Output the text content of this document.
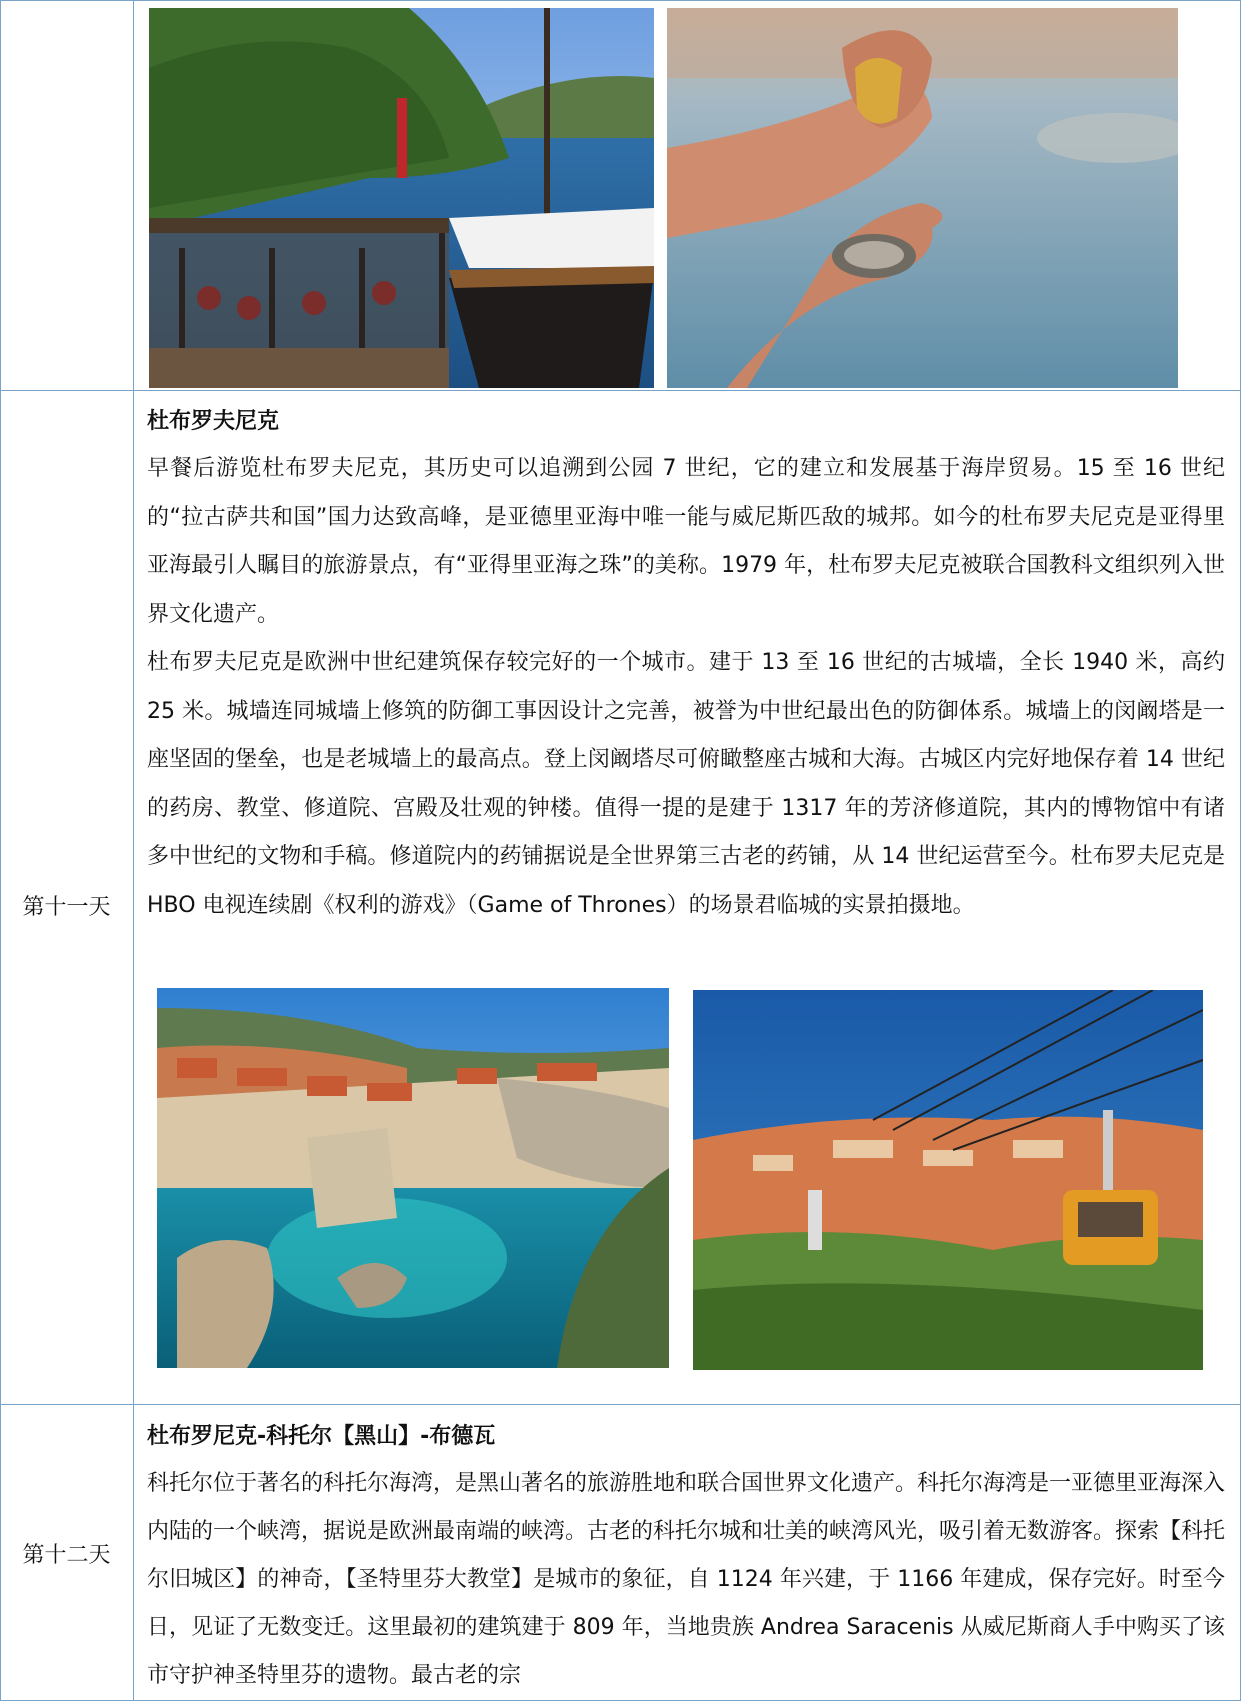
第十一天
杜布罗夫尼克

早餐后游览杜布罗夫尼克，其历史可以追溯到公园 7 世纪，它的建立和发展基于海岸贸易。15 至 16 世纪的“拉古萨共和国”国力达致高峰，是亚德里亚海中唯一能与威尼斯匹敌的城邦。如今的杜布罗夫尼克是亚得里亚海最引人瞩目的旅游景点，有“亚得里亚海之珠”的美称。1979 年，杜布罗夫尼克被联合国教科文组织列入世界文化遗产。

杜布罗夫尼克是欧洲中世纪建筑保存较完好的一个城市。建于 13 至 16 世纪的古城墙，全长 1940 米，高约 25 米。城墙连同城墙上修筑的防御工事因设计之完善，被誉为中世纪最出色的防御体系。城墙上的闵阚塔是一座坚固的堡垒，也是老城墙上的最高点。登上闵阚塔尽可俯瞰整座古城和大海。古城区内完好地保存着 14 世纪的药房、教堂、修道院、宫殿及壮观的钟楼。值得一提的是建于 1317 年的芳济修道院，其内的博物馆中有诸多中世纪的文物和手稿。修道院内的药铺据说是全世界第三古老的药铺，从 14 世纪运营至今。杜布罗夫尼克是 HBO 电视连续剧《权利的游戏》（Game of Thrones）的场景君临城的实景拍摄地。

第十二天
杜布罗尼克-科托尔【黑山】-布德瓦

科托尔位于著名的科托尔海湾，是黑山著名的旅游胜地和联合国世界文化遗产。科托尔海湾是一亚德里亚海深入内陆的一个峡湾，据说是欧洲最南端的峡湾。古老的科托尔城和壮美的峡湾风光，吸引着无数游客。探索【科托尔旧城区】的神奇，【圣特里芬大教堂】是城市的象征，自 1124 年兴建，于 1166 年建成，保存完好。时至今日，见证了无数变迁。这里最初的建筑建于 809 年，当地贵族 Andrea Saracenis 从威尼斯商人手中购买了该市守护神圣特里芬的遗物。最古老的宗
